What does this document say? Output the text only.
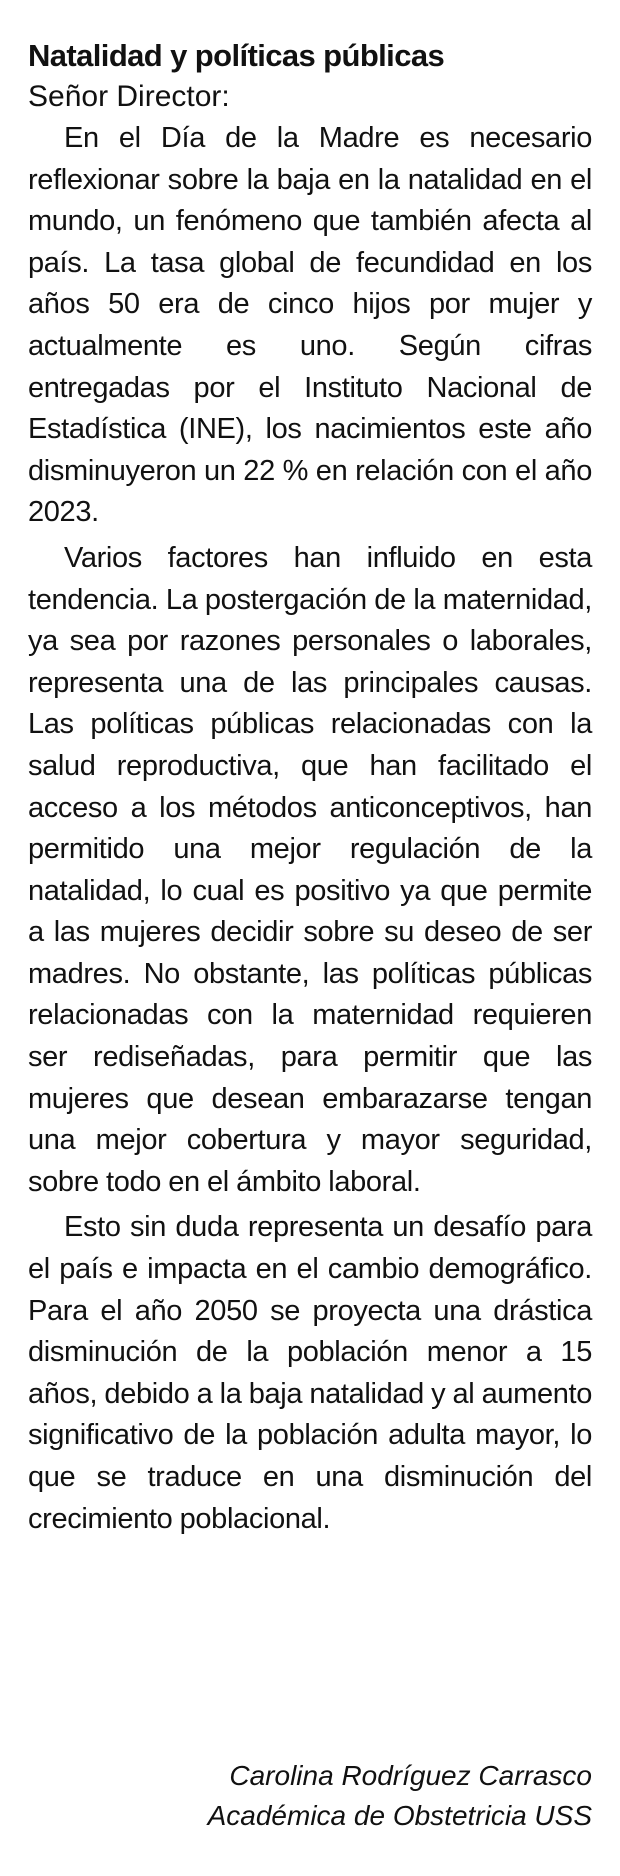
Natalidad y políticas públicas

Señor Director:

En el Día de la Madre es necesario reflexionar sobre la baja en la natalidad en el mundo, un fenómeno que también afecta al país. La tasa global de fecundidad en los años 50 era de cinco hijos por mujer y actualmente es uno. Según cifras entregadas por el Instituto Nacional de Estadística (INE), los nacimientos este año disminuyeron un 22 % en relación con el año 2023.

Varios factores han influido en esta tendencia. La postergación de la maternidad, ya sea por razones personales o laborales, representa una de las principales causas. Las políticas públicas relacionadas con la salud reproductiva, que han facilitado el acceso a los métodos anticonceptivos, han permitido una mejor regulación de la natalidad, lo cual es positivo ya que permite a las mujeres decidir sobre su deseo de ser madres. No obstante, las políticas públicas relacionadas con la maternidad requieren ser rediseñadas, para permitir que las mujeres que desean embarazarse tengan una mejor cobertura y mayor seguridad, sobre todo en el ámbito laboral.

Esto sin duda representa un desafío para el país e impacta en el cambio demográfico. Para el año 2050 se proyecta una drástica disminución de la población menor a 15 años, debido a la baja natalidad y al aumento significativo de la población adulta mayor, lo que se traduce en una disminución del crecimiento poblacional.

Carolina Rodríguez Carrasco
Académica de Obstetricia USS
